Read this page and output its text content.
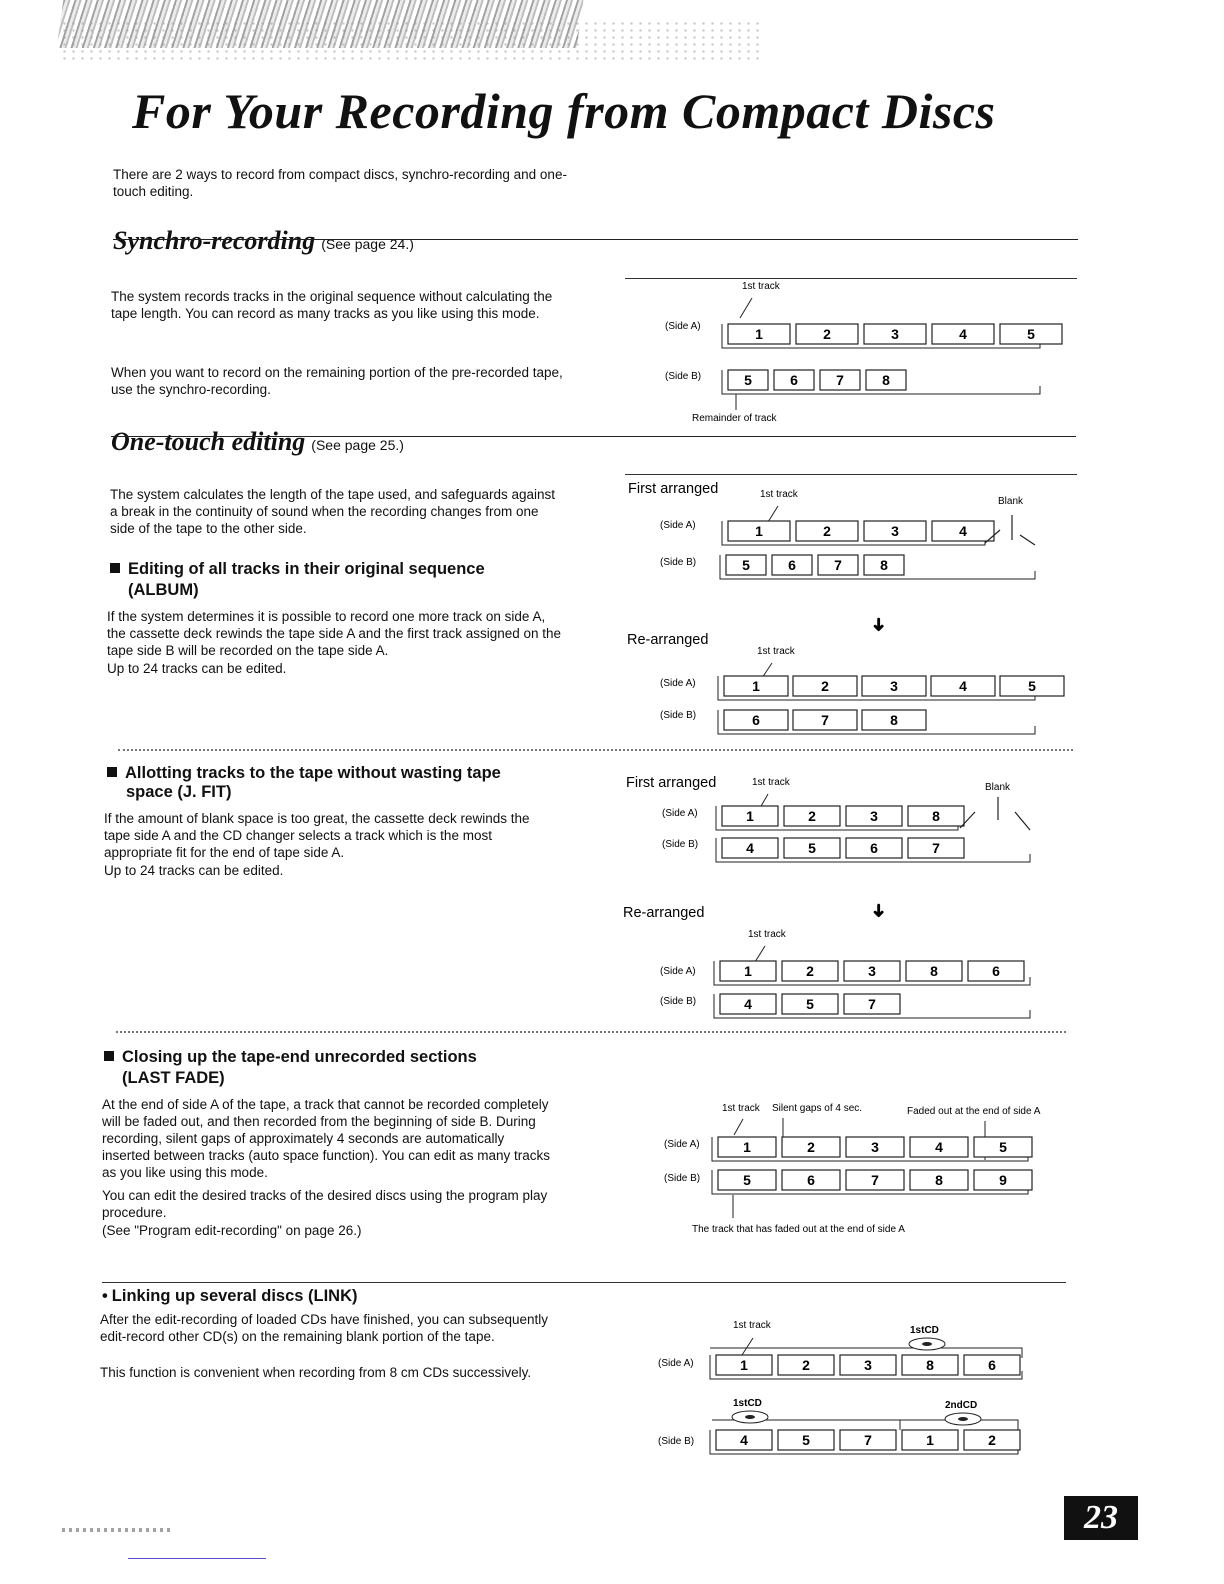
For Your Recording from Compact Discs
There are 2 ways to record from compact discs, synchro-recording and one-touch editing.
Synchro-recording (See page 24.)
The system records tracks in the original sequence without calculating the tape length. You can record as many tracks as you like using this mode.
When you want to record on the remaining portion of the pre-recorded tape, use the synchro-recording.
1st track
(Side A)
(Side B)
Remainder of track
1	2	3	4	5
5	6	7	8
One-touch editing (See page 25.)
The system calculates the length of the tape used, and safeguards against a break in the continuity of sound when the recording changes from one side of the tape to the other side.
Editing of all tracks in their original sequence
(ALBUM)
If the system determines it is possible to record one more track on side A, the cassette deck rewinds the tape side A and the first track assigned on the tape side B will be recorded on the tape side A.
Up to 24 tracks can be edited.
First arranged	1st track
Blank
(Side A)
(Side B)
1	2	3	4
5	6	7	8
➜
Re-arranged
1st track
(Side A)
(Side B)
1	2	3	4	5
6	7	8
Allotting tracks to the tape without wasting tape
space (J. FIT)
If the amount of blank space is too great, the cassette deck rewinds the tape side A and the CD changer selects a track which is the most appropriate fit for the end of tape side A.
Up to 24 tracks can be edited.
First arranged	1st track	Blank
(Side A)
(Side B)
1	2	3	8
4	5	6	7
➜
Re-arranged
1st track
(Side A)
(Side B)
1	2	3	8	6
4	5	7
Closing up the tape-end unrecorded sections
(LAST FADE)
At the end of side A of the tape, a track that cannot be recorded completely will be faded out, and then recorded from the beginning of side B. During recording, silent gaps of approximately 4 seconds are automatically inserted between tracks (auto space function). You can edit as many tracks as you like using this mode.
You can edit the desired tracks of the desired discs using the program play procedure.
(See "Program edit-recording" on page 26.)
1st track Silent gaps of 4 sec.	Faded out at the end of side A
(Side A)
(Side B)
The track that has faded out at the end of side A
1	2	3	4	5
5	6	7	8	9
• Linking up several discs (LINK)
After the edit-recording of loaded CDs have finished, you can subsequently edit-record other CD(s) on the remaining blank portion of the tape.
This function is convenient when recording from 8 cm CDs successively.
1st track	1stCD
(Side A)
1stCD	2ndCD
(Side B)
1	2	3	8	6
4	5	7	1	2
23
